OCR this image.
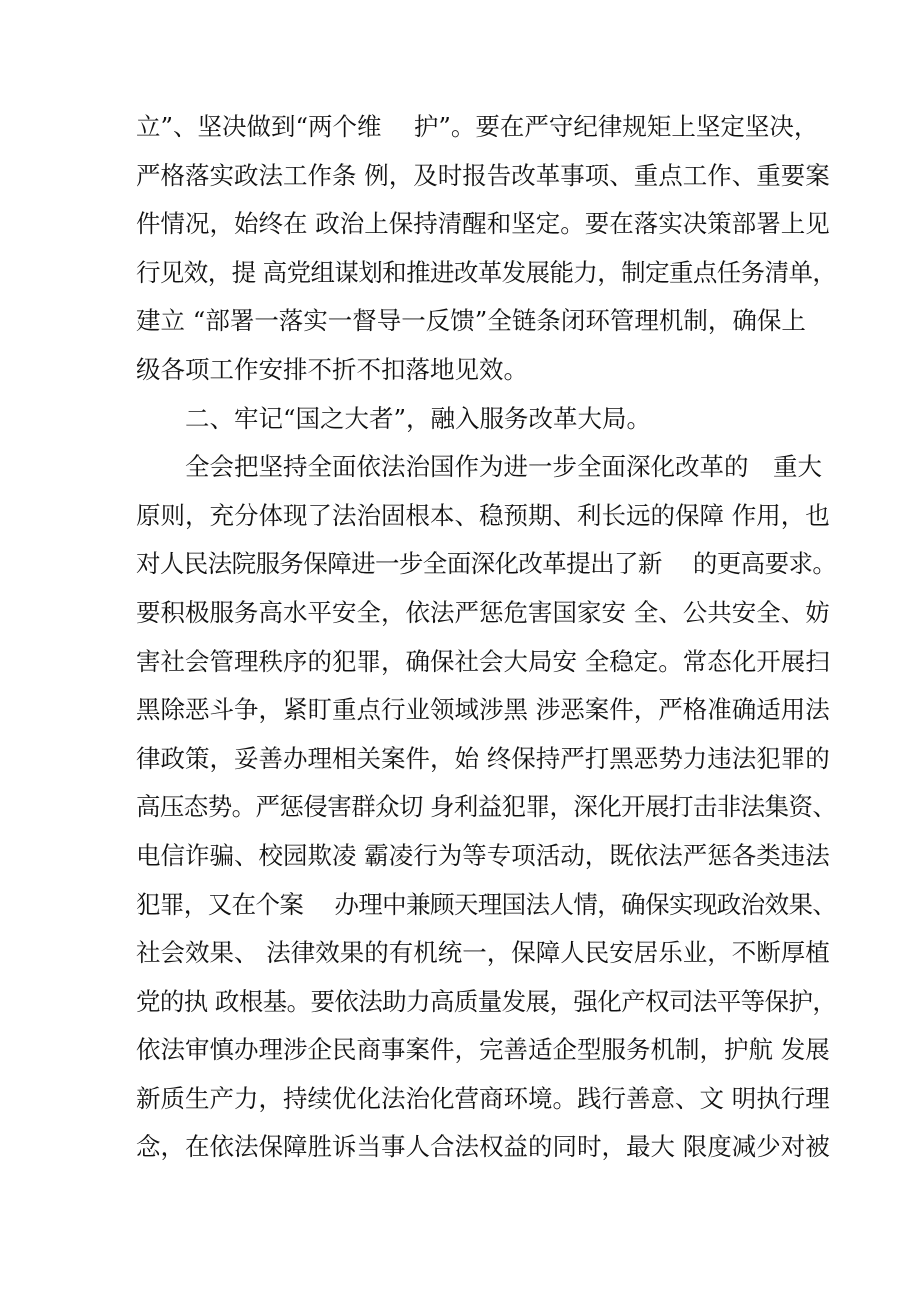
立”、坚决做到“两个维　 护”。要在严守纪律规矩上坚定坚决，
严格落实政法工作条 例，及时报告改革事项、重点工作、重要案
件情况，始终在 政治上保持清醒和坚定。要在落实决策部署上见
行见效，提 高党组谋划和推进改革发展能力，制定重点任务清单，
建立 “部署一落实一督导一反馈”全链条闭环管理机制，确保上
级各项工作安排不折不扣落地见效。
　　二、牢记“国之大者”，融入服务改革大局。
　　全会把坚持全面依法治国作为进一步全面深化改革的　重大
原则，充分体现了法治固根本、稳预期、利长远的保障 作用，也
对人民法院服务保障进一步全面深化改革提出了新　 的更高要求。
要积极服务高水平安全，依法严惩危害国家安 全、公共安全、妨
害社会管理秩序的犯罪，确保社会大局安 全稳定。常态化开展扫
黑除恶斗争，紧盯重点行业领域涉黑 涉恶案件，严格准确适用法
律政策，妥善办理相关案件，始 终保持严打黑恶势力违法犯罪的
高压态势。严惩侵害群众切 身利益犯罪，深化开展打击非法集资、
电信诈骗、校园欺凌 霸凌行为等专项活动，既依法严惩各类违法
犯罪，又在个案　 办理中兼顾天理国法人情，确保实现政治效果、
社会效果、 法律效果的有机统一，保障人民安居乐业，不断厚植
党的执 政根基。要依法助力高质量发展，强化产权司法平等保护，
依法审慎办理涉企民商事案件，完善适企型服务机制，护航 发展
新质生产力，持续优化法治化营商环境。践行善意、文 明执行理
念，在依法保障胜诉当事人合法权益的同时，最大 限度减少对被
